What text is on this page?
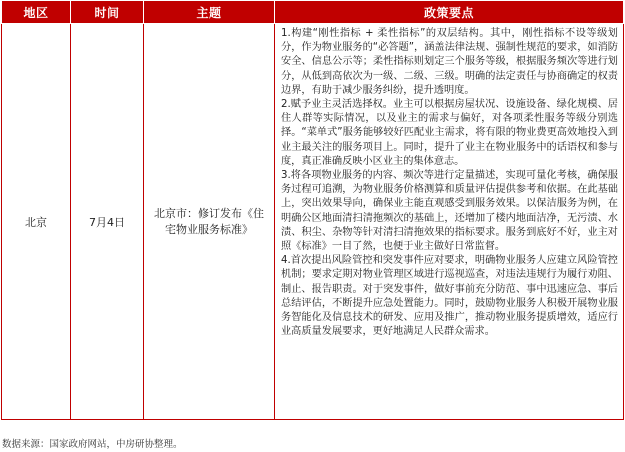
地区	时间	主题	政策要点
北京	7月4日	北京市：修订发布《住宅物业服务标准》	1.构建“刚性指标 + 柔性指标”的双层结构。其中，刚性指标不设等级划分，作为物业服务的“必答题”，涵盖法律法规、强制性规范的要求，如消防安全、信息公示等；柔性指标则划定三个服务等级，根据服务频次等进行划分，从低到高依次为一级、二级、三级。明确的法定责任与协商确定的权责边界，有助于减少服务纠纷，提升透明度。

2.赋予业主灵活选择权。业主可以根据房屋状况、设施设备、绿化规模、居住人群等实际情况，以及业主的需求与偏好，对各项柔性服务等级分别选择。“菜单式”服务能够较好匹配业主需求，将有限的物业费更高效地投入到业主最关注的服务项目上。同时，提升了业主在物业服务中的话语权和参与度，真正准确反映小区业主的集体意志。

3.将各项物业服务的内容、频次等进行定量描述，实现可量化考核，确保服务过程可追溯，为物业服务价格测算和质量评估提供参考和依据。在此基础上，突出效果导向，确保业主能直观感受到服务效果。以保洁服务为例，在明确公区地面清扫清拖频次的基础上，还增加了楼内地面洁净，无污渍、水渍、积尘、杂物等针对清扫清拖效果的指标要求。服务到底好不好，业主对照《标准》一目了然，也便于业主做好日常监督。

4.首次提出风险管控和突发事件应对要求，明确物业服务人应建立风险管控机制；要求定期对物业管理区域进行巡视巡查，对违法违规行为履行劝阻、制止、报告职责。对于突发事件，做好事前充分防范、事中迅速应急、事后总结评估，不断提升应急处置能力。同时，鼓励物业服务人积极开展物业服务智能化及信息技术的研发、应用及推广，推动物业服务提质增效，适应行业高质量发展要求，更好地满足人民群众需求。

数据来源：国家政府网站，中房研协整理。
